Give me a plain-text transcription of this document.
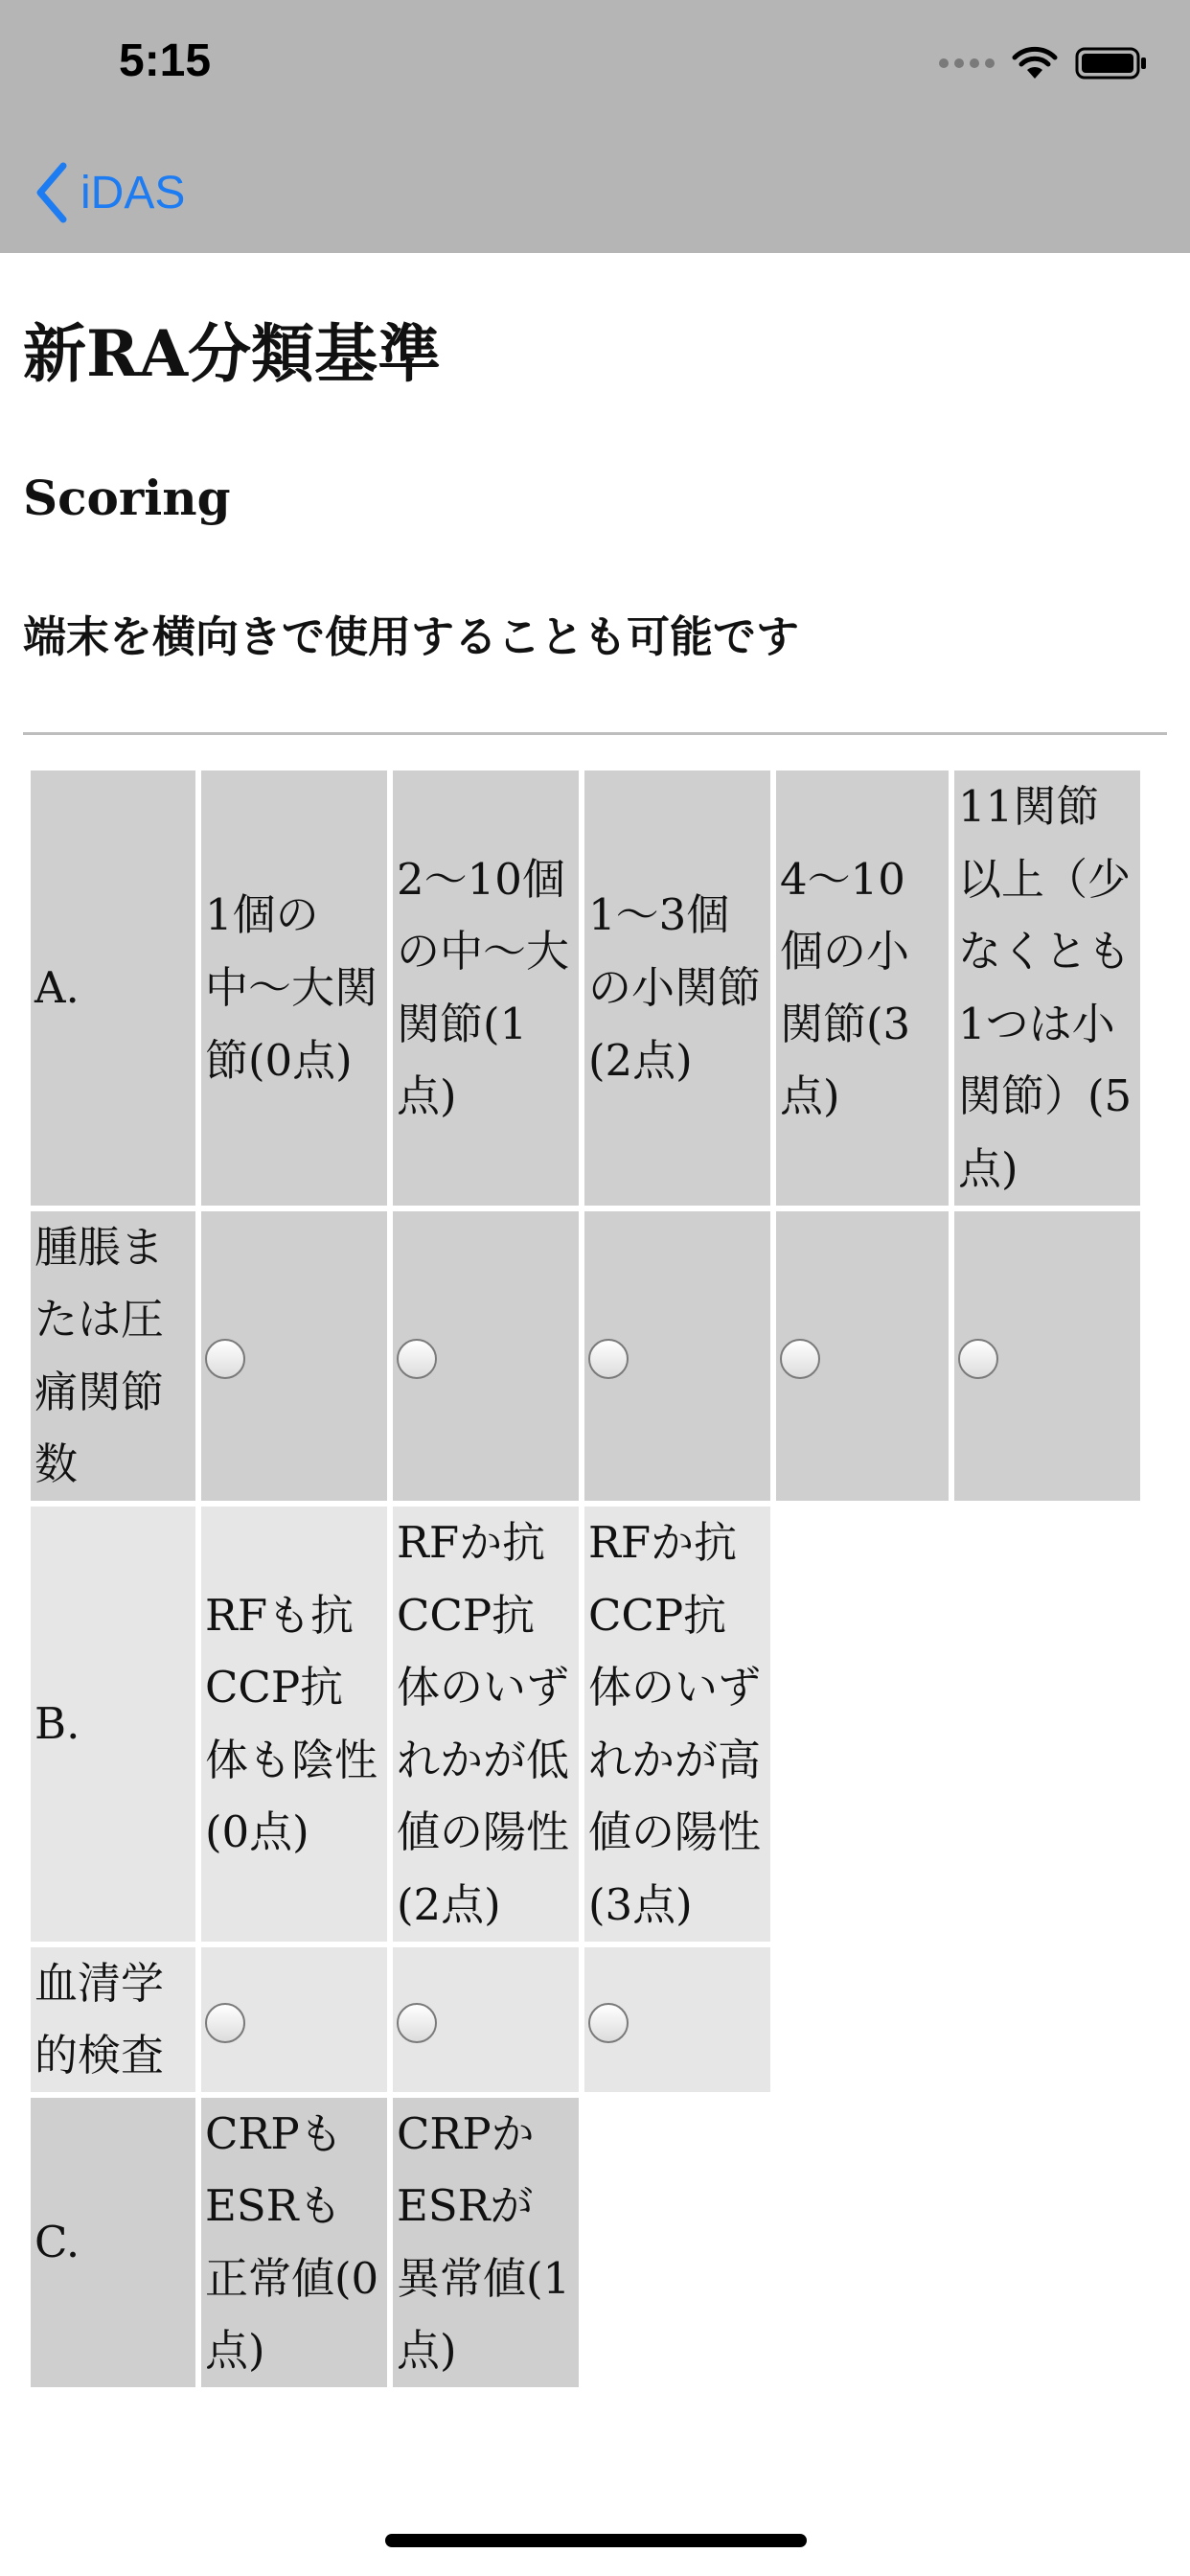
5:15
iDAS
新RA分類基準
Scoring
端末を横向きで使用することも可能です
A.	1個の中〜大関節(0点)	2〜10個の中〜大関節(1点)	1〜3個の小関節(2点)	4〜10個の小関節(3点)	11関節以上（少なくとも1つは小関節）(5点)
腫脹または圧痛関節数					
B.	RFも抗CCP抗体も陰性(0点)	RFか抗CCP抗体のいずれかが低値の陽性(2点)	RFか抗CCP抗体のいずれかが高値の陽性(3点)		
血清学的検査					
C.	CRPもESRも正常値(0点)	CRPかESRが異常値(1点)			
